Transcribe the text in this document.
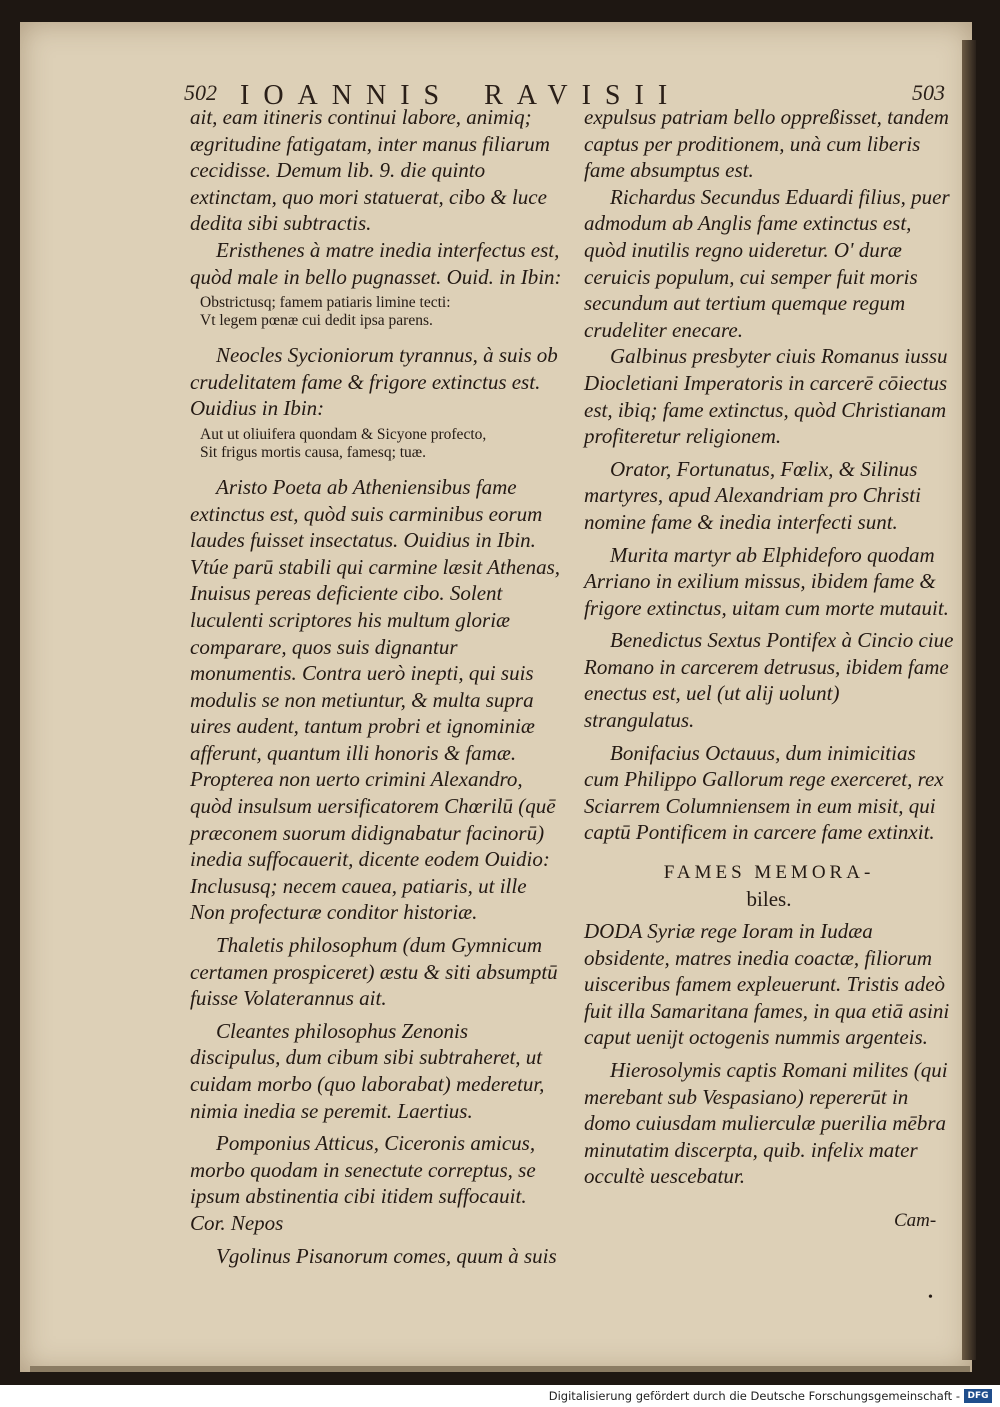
502 IOANNIS RAVISII	503

ait, eam itineris continui labore, animiq; ægritudine fatigatam, inter manus filiarum cecidisse. Demum lib. 9. die quinto extinctam, quo mori statuerat, cibo & luce dedita sibi subtractis.

Eristhenes à matre inedia interfectus est, quòd male in bello pugnasset. Ouid. in Ibin:

Obstrictusq; famem patiaris limine tecti:

Vt legem pœnæ cui dedit ipsa parens.

Neocles Sycioniorum tyrannus, à suis ob crudelitatem fame & frigore extinctus est. Ouidius in Ibin:

Aut ut oliuifera quondam & Sicyone profecto,

Sit frigus mortis causa, famesq; tuæ.

Aristo Poeta ab Atheniensibus fame extinctus est, quòd suis carminibus eorum laudes fuisset insectatus. Ouidius in Ibin. Vtúe parū stabili qui carmine læsit Athenas, Inuisus pereas deficiente cibo. Solent luculenti scriptores his multum gloriæ comparare, quos suis dignantur monumentis. Contra uerò inepti, qui suis modulis se non metiuntur, & multa supra uires audent, tantum probri et ignominiæ afferunt, quantum illi honoris & famæ. Propterea non uerto crimini Alexandro, quòd insulsum uersificatorem Chœrilū (quē præconem suorum didignabatur facinorū) inedia suffocauerit, dicente eodem Ouidio: Inclususq; necem cauea, patiaris, ut ille Non profecturæ conditor historiæ.

Thaletis philosophum (dum Gymnicum certamen prospiceret) æstu & siti absumptū fuisse Volaterannus ait.

Cleantes philosophus Zenonis discipulus, dum cibum sibi subtraheret, ut cuidam morbo (quo laborabat) mederetur, nimia inedia se peremit. Laertius.

Pomponius Atticus, Ciceronis amicus, morbo quodam in senectute correptus, se ipsum abstinentia cibi itidem suffocauit. Cor. Nepos

Vgolinus Pisanorum comes, quum à suis

expulsus patriam bello oppreßisset, tandem captus per proditionem, unà cum liberis fame absumptus est.

Richardus Secundus Eduardi filius, puer admodum ab Anglis fame extinctus est, quòd inutilis regno uideretur. O' duræ ceruicis populum, cui semper fuit moris secundum aut tertium quemque regum crudeliter enecare.

Galbinus presbyter ciuis Romanus iussu Diocletiani Imperatoris in carcerē cōiectus est, ibiq; fame extinctus, quòd Christianam profiteretur religionem.

Orator, Fortunatus, Fœlix, & Silinus martyres, apud Alexandriam pro Christi nomine fame & inedia interfecti sunt.

Murita martyr ab Elphideforo quodam Arriano in exilium missus, ibidem fame & frigore extinctus, uitam cum morte mutauit.

Benedictus Sextus Pontifex à Cincio ciue Romano in carcerem detrusus, ibidem fame enectus est, uel (ut alij uolunt) strangulatus.

Bonifacius Octauus, dum inimicitias cum Philippo Gallorum rege exerceret, rex Sciarrem Columniensem in eum misit, qui captū Pontificem in carcere fame extinxit.

FAMES MEMORA-

biles.

DODA Syriæ rege Ioram in Iudæa obsidente, matres inedia coactæ, filiorum uisceribus famem expleuerunt. Tristis adeò fuit illa Samaritana fames, in qua etiā asini caput uenijt octogenis nummis argenteis.

Hierosolymis captis Romani milites (qui merebant sub Vespasiano) repererūt in domo cuiusdam mulierculæ puerilia mēbra minutatim discerpta, quib. infelix mater occultè uescebatur.

Cam-
•
Digitalisierung gefördert durch die Deutsche Forschungsgemeinschaft - DFG
